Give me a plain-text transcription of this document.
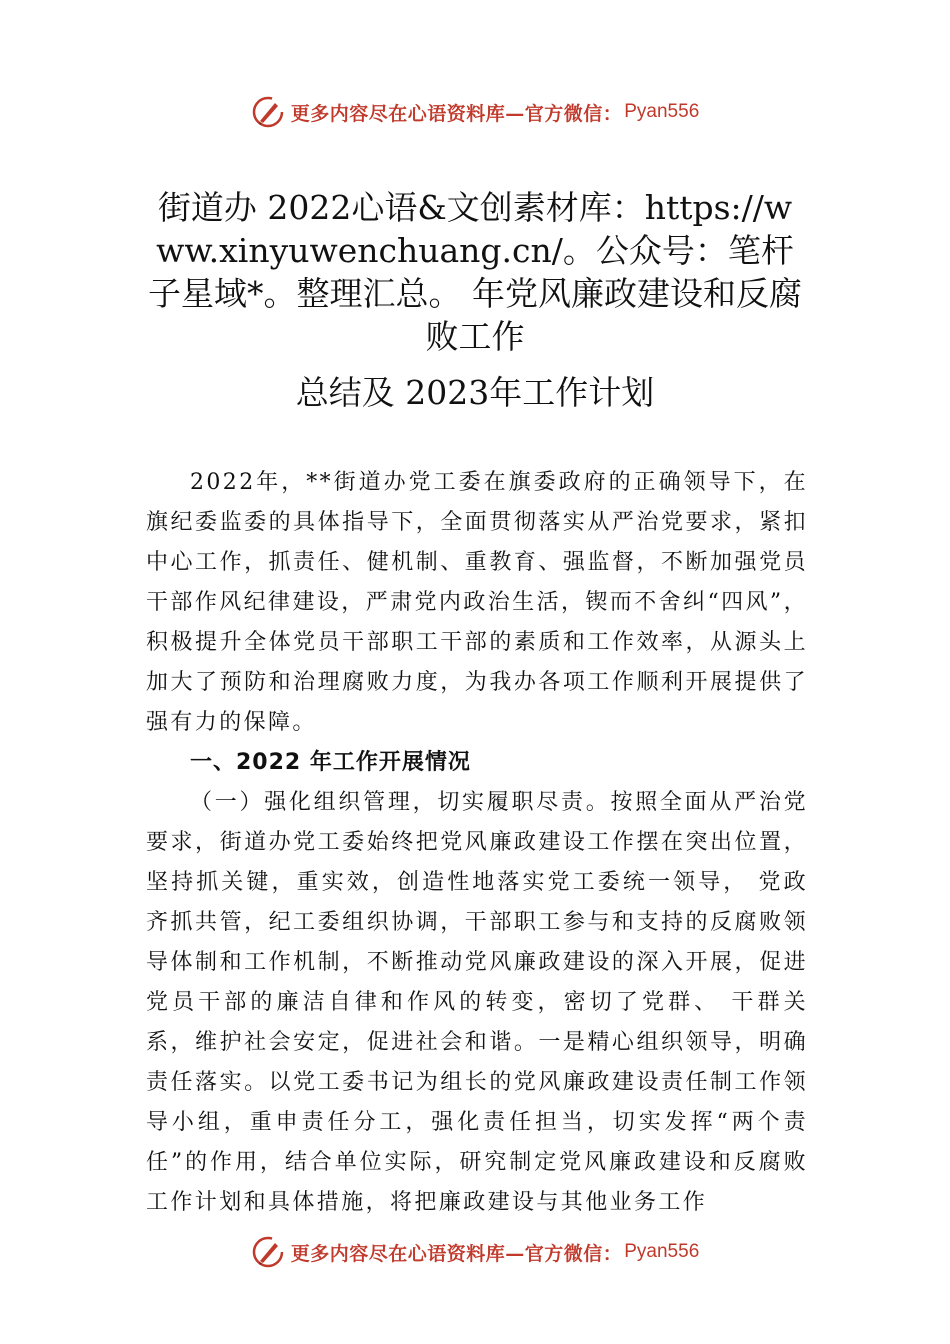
更多内容尽在心语资料库—官方微信： Pyan556
街道办 2022心语&文创素材库：https://www.xinyuwenchuang.cn/。公众号：笔杆子星域*。整理汇总。 年党风廉政建设和反腐败工作
总结及 2023年工作计划

2022年，**街道办党工委在旗委政府的正确领导下，在旗纪委监委的具体指导下，全面贯彻落实从严治党要求，紧扣中心工作，抓责任、健机制、重教育、强监督，不断加强党员干部作风纪律建设，严肃党内政治生活，锲而不舍纠“四风”，积极提升全体党员干部职工干部的素质和工作效率，从源头上加大了预防和治理腐败力度，为我办各项工作顺利开展提供了强有力的保障。

一、2022 年工作开展情况

（一）强化组织管理，切实履职尽责。按照全面从严治党要求，街道办党工委始终把党风廉政建设工作摆在突出位置，坚持抓关键，重实效，创造性地落实党工委统一领导， 党政齐抓共管，纪工委组织协调，干部职工参与和支持的反腐败领导体制和工作机制，不断推动党风廉政建设的深入开展，促进党员干部的廉洁自律和作风的转变，密切了党群、 干群关系，维护社会安定，促进社会和谐。一是精心组织领导，明确责任落实。以党工委书记为组长的党风廉政建设责任制工作领导小组，重申责任分工，强化责任担当，切实发挥“两个责任”的作用，结合单位实际，研究制定党风廉政建设和反腐败工作计划和具体措施，将把廉政建设与其他业务工作

更多内容尽在心语资料库—官方微信： Pyan556
